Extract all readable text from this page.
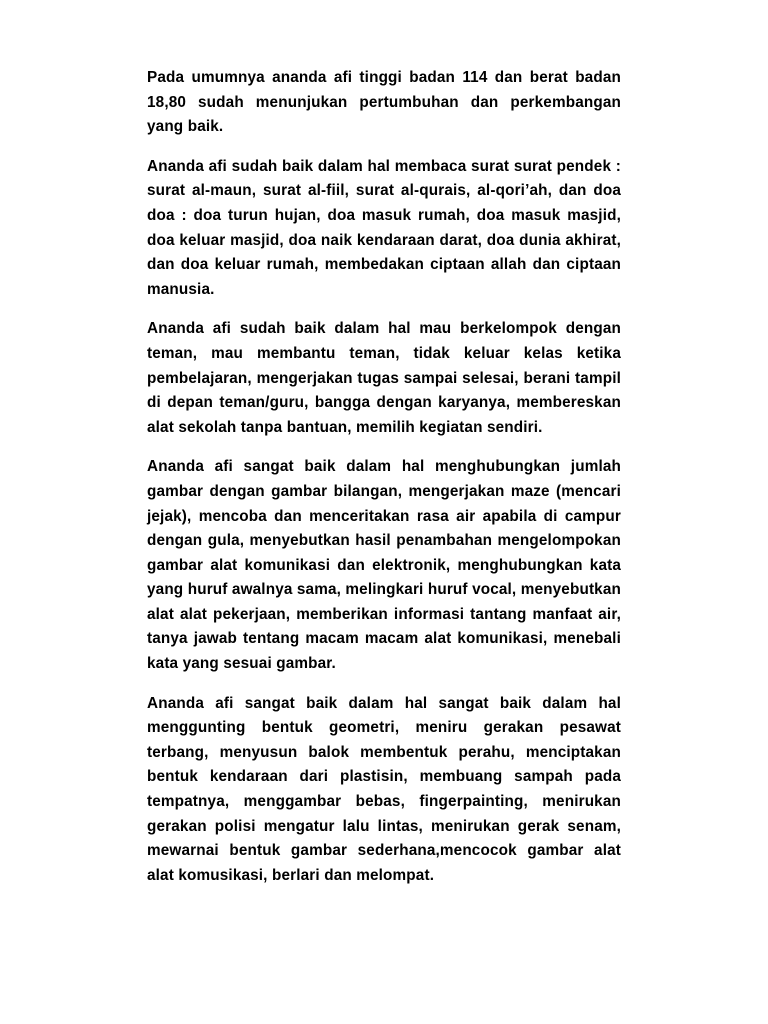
Pada umumnya ananda afi tinggi badan 114 dan berat badan 18,80 sudah menunjukan pertumbuhan dan perkembangan yang baik.

Ananda afi sudah baik dalam hal membaca surat surat pendek : surat al-maun, surat al-fiil, surat al-qurais, al-qori’ah, dan doa doa : doa turun hujan, doa masuk rumah, doa masuk masjid, doa keluar masjid, doa naik kendaraan darat, doa dunia akhirat, dan doa keluar rumah, membedakan ciptaan allah dan ciptaan manusia.

Ananda afi sudah baik dalam hal mau berkelompok dengan teman, mau membantu teman, tidak keluar kelas ketika pembelajaran, mengerjakan tugas sampai selesai, berani tampil di depan teman/guru, bangga dengan karyanya, membereskan alat sekolah tanpa bantuan, memilih kegiatan sendiri.

Ananda afi sangat baik dalam hal menghubungkan jumlah gambar dengan gambar bilangan, mengerjakan maze (mencari jejak), mencoba dan menceritakan rasa air apabila di campur dengan gula, menyebutkan hasil penambahan mengelompokan gambar alat komunikasi dan elektronik, menghubungkan kata yang huruf awalnya sama, melingkari huruf vocal, menyebutkan alat alat pekerjaan, memberikan informasi tantang manfaat air, tanya jawab tentang macam macam alat komunikasi, menebali kata yang sesuai gambar.

Ananda afi sangat baik dalam hal sangat baik dalam hal menggunting bentuk geometri, meniru gerakan pesawat terbang, menyusun balok membentuk perahu, menciptakan bentuk kendaraan dari plastisin, membuang sampah pada tempatnya, menggambar bebas, fingerpainting, menirukan gerakan polisi mengatur lalu lintas, menirukan gerak senam, mewarnai bentuk gambar sederhana,mencocok gambar alat alat komusikasi, berlari dan melompat.
